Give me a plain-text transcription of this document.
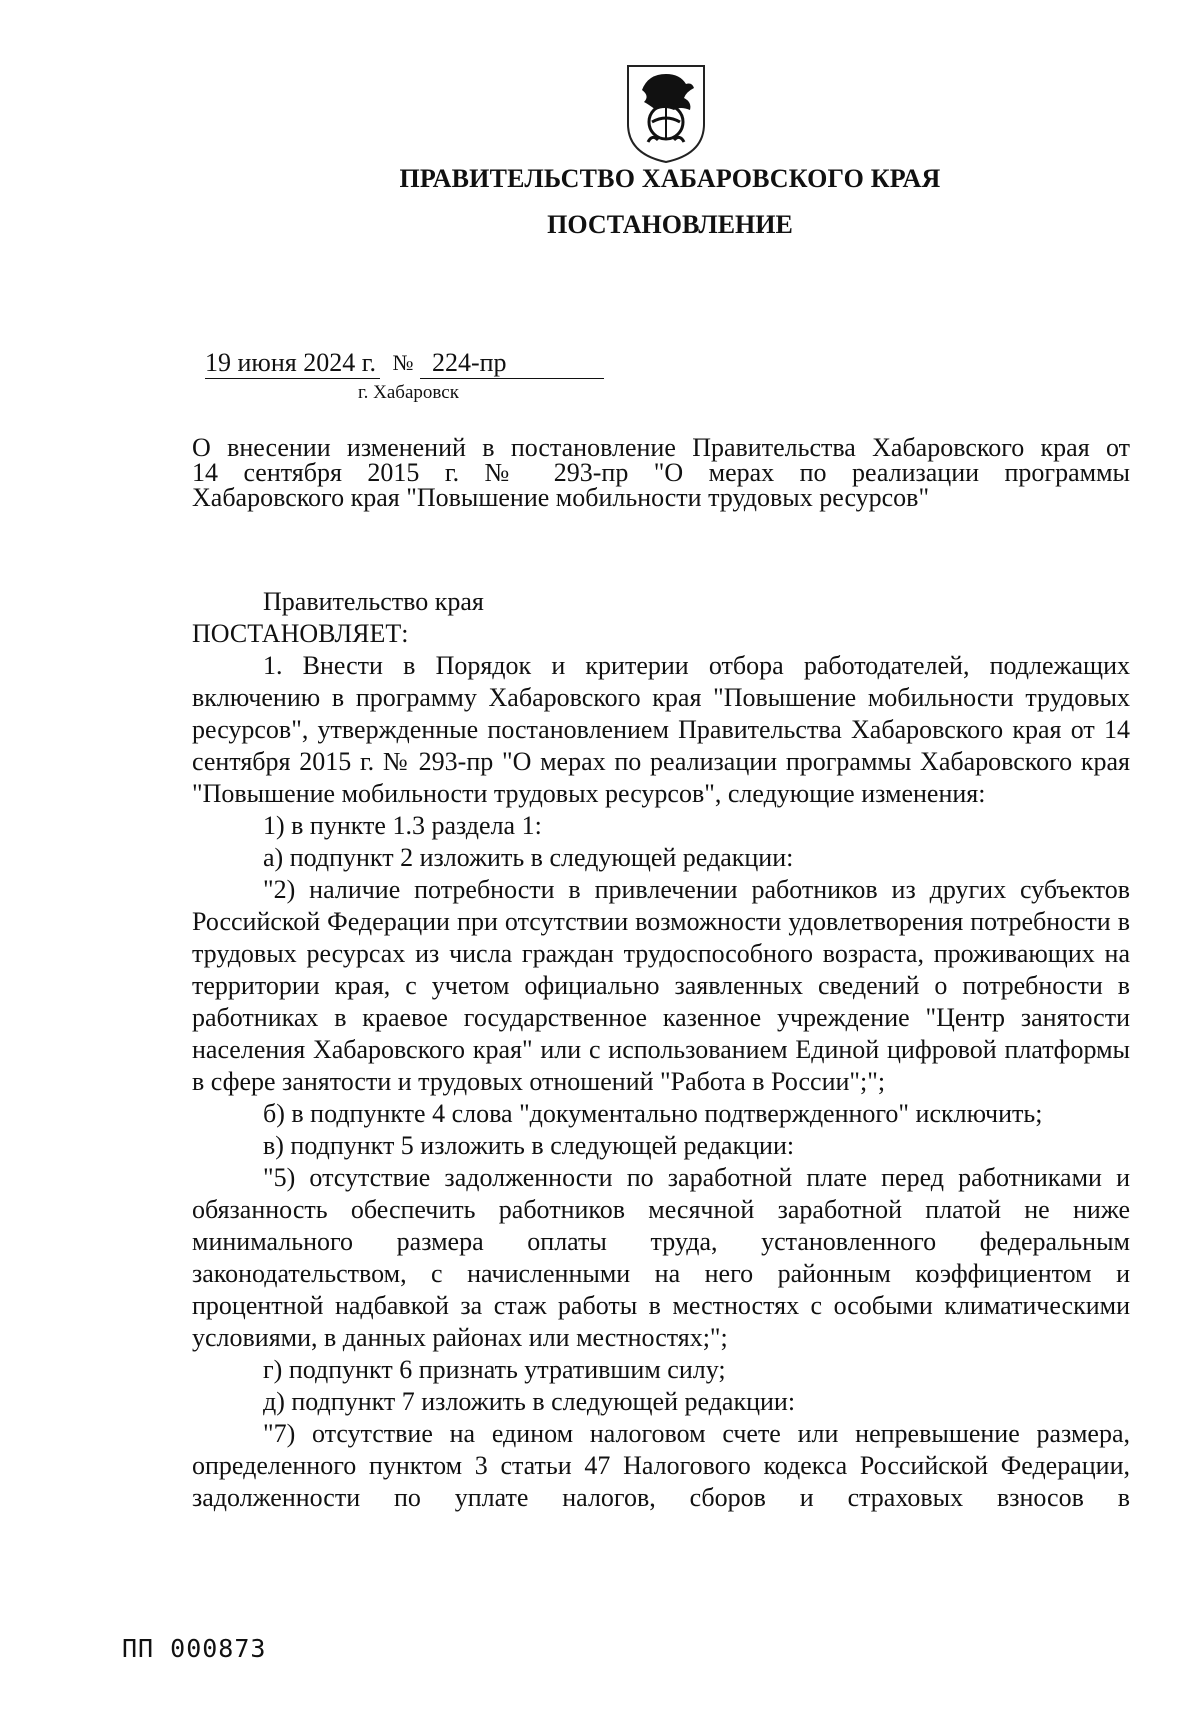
ПРАВИТЕЛЬСТВО ХАБАРОВСКОГО КРАЯ
ПОСТАНОВЛЕНИЕ
19 июня 2024 г. № 224-пр
г. Хабаровск
О внесении изменений в постановление Правительства Хабаровского края от
14 сентября 2015 г. № 293-пр "О мерах по реализации программы
Хабаровского края "Повышение мобильности трудовых ресурсов"

Правительство края

ПОСТАНОВЛЯЕТ:

1. Внести в Порядок и критерии отбора работодателей, подлежащих включению в программу Хабаровского края "Повышение мобильности трудовых ресурсов", утвержденные постановлением Правительства Хабаровского края от 14 сентября 2015 г. № 293-пр "О мерах по реализации программы Хабаровского края "Повышение мобильности трудовых ресурсов", следующие изменения:

1) в пункте 1.3 раздела 1:

а) подпункт 2 изложить в следующей редакции:

"2) наличие потребности в привлечении работников из других субъектов Российской Федерации при отсутствии возможности удовлетворения потребности в трудовых ресурсах из числа граждан трудоспособного возраста, проживающих на территории края, с учетом официально заявленных сведений о потребности в работниках в краевое государственное казенное учреждение "Центр занятости населения Хабаровского края" или с использованием Единой цифровой платформы в сфере занятости и трудовых отношений "Работа в России";";

б) в подпункте 4 слова "документально подтвержденного" исключить;

в) подпункт 5 изложить в следующей редакции:

"5) отсутствие задолженности по заработной плате перед работниками и обязанность обеспечить работников месячной заработной платой не ниже минимального размера оплаты труда, установленного федеральным законодательством, с начисленными на него районным коэффициентом и процентной надбавкой за стаж работы в местностях с особыми климатическими условиями, в данных районах или местностях;";

г) подпункт 6 признать утратившим силу;

д) подпункт 7 изложить в следующей редакции:

"7) отсутствие на едином налоговом счете или непревышение размера, определенного пунктом 3 статьи 47 Налогового кодекса Российской Федерации, задолженности по уплате налогов, сборов и страховых взносов в

ПП 000873
